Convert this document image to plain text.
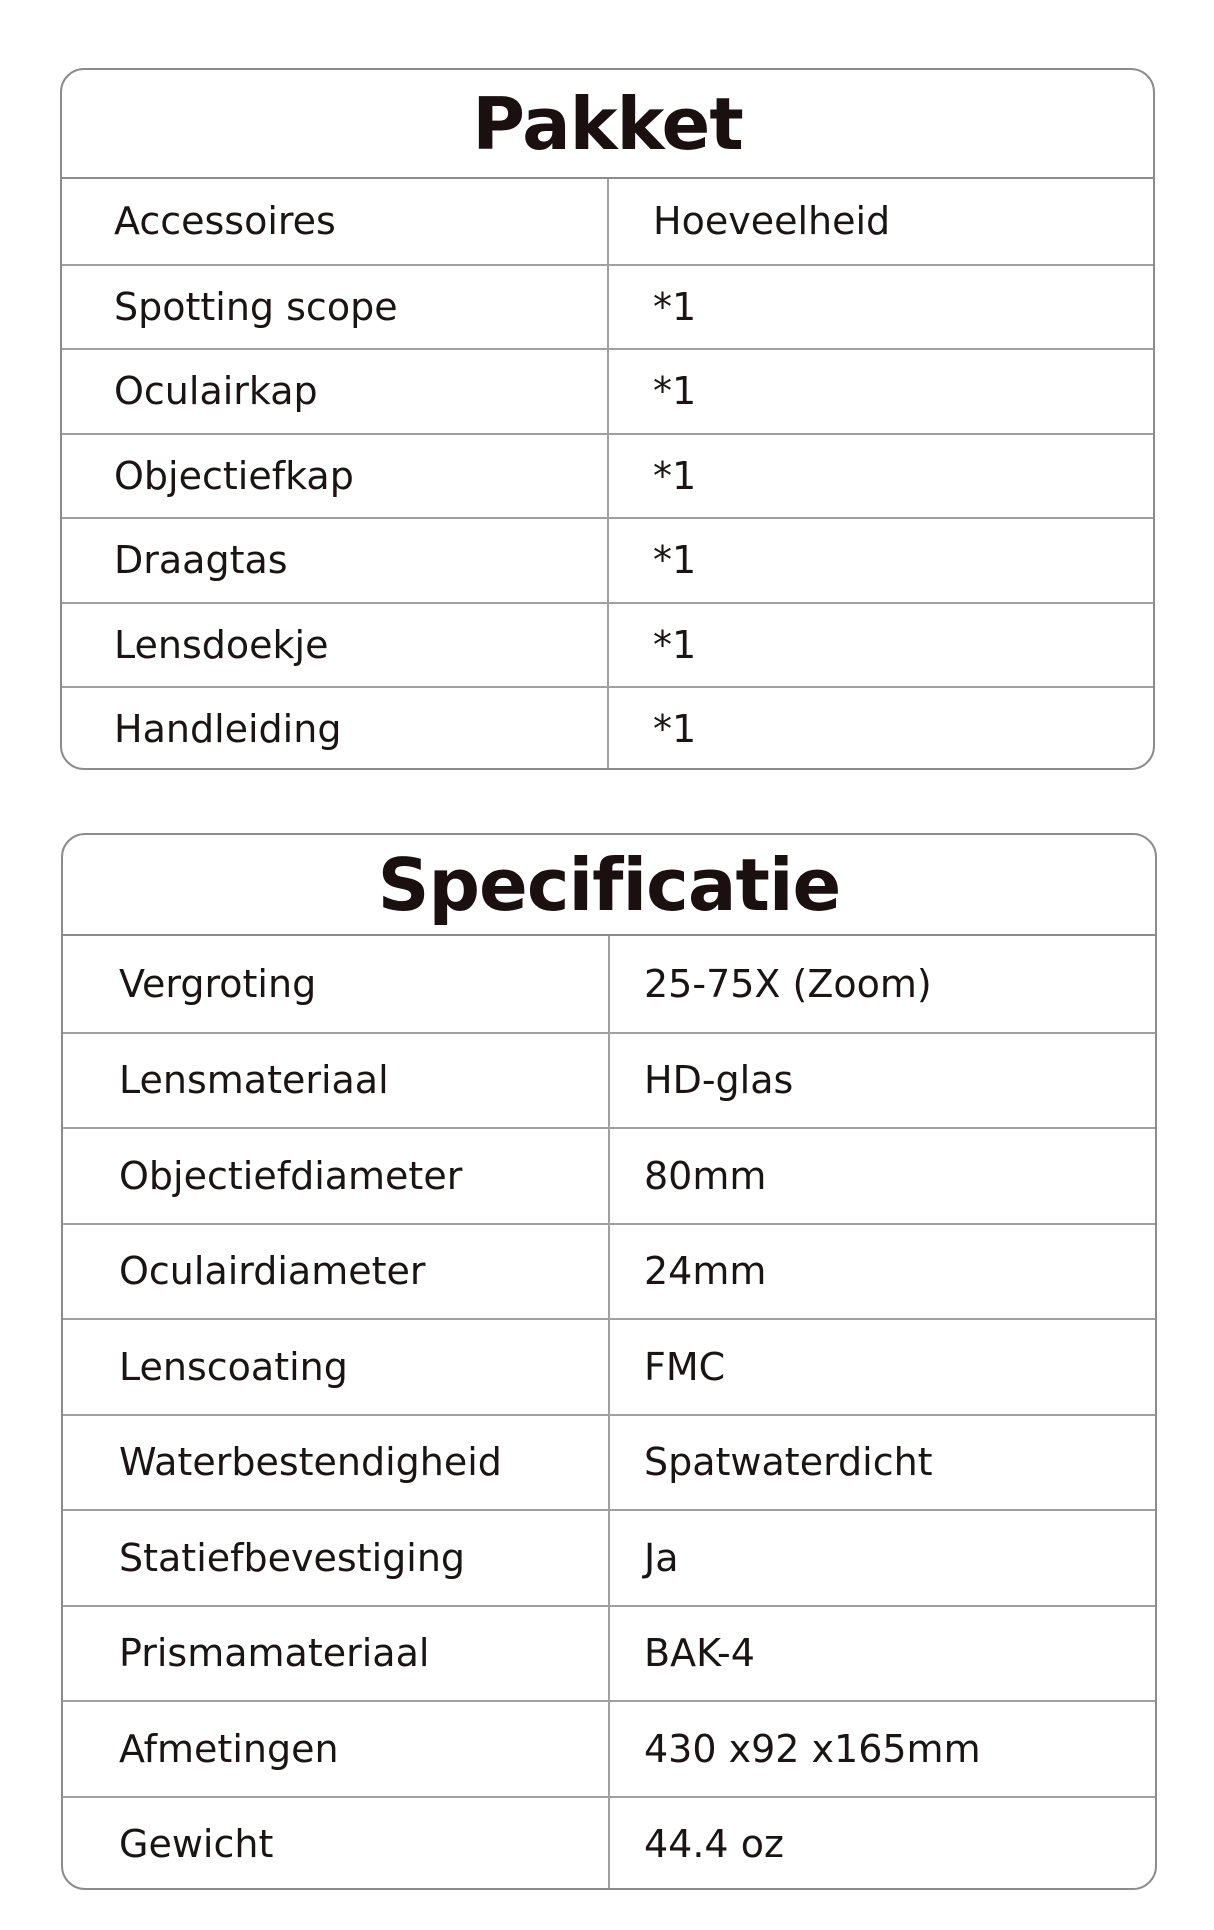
Pakket
Accessoires	Hoeveelheid
Spotting scope	*1
Oculairkap	*1
Objectiefkap	*1
Draagtas	*1
Lensdoekje	*1
Handleiding	*1
Specificatie
Vergroting	25-75X (Zoom)
Lensmateriaal	HD-glas
Objectiefdiameter	80mm
Oculairdiameter	24mm
Lenscoating	FMC
Waterbestendigheid	Spatwaterdicht
Statiefbevestiging	Ja
Prismamateriaal	BAK-4
Afmetingen	430 x92 x165mm
Gewicht	44.4 oz
